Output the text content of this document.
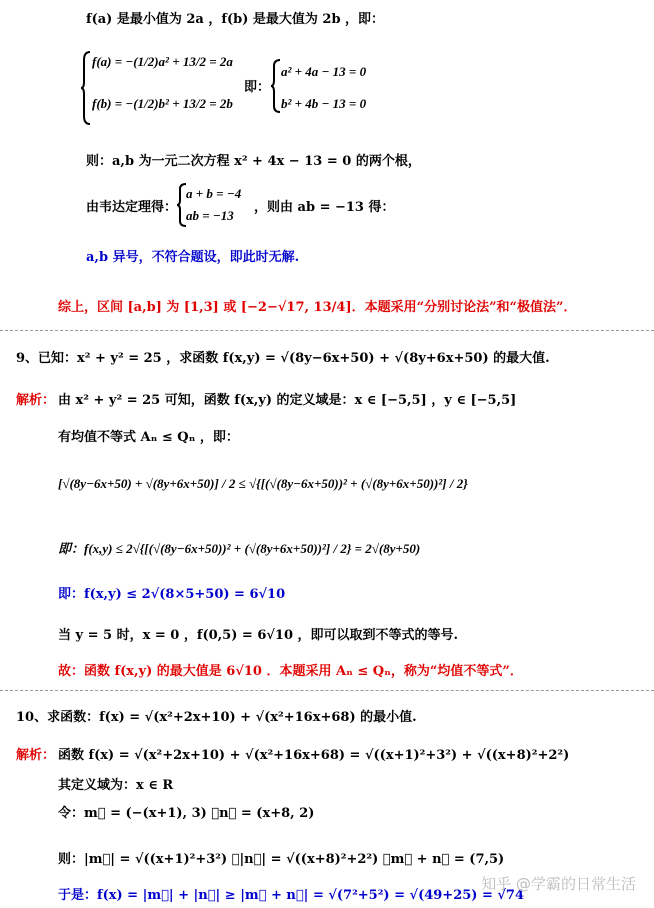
f(a) 是最小值为 2a ，f(b) 是最大值为 2b ，即：
f(a) = −(1/2)a² + 13/2 = 2a
即：
a² + 4a − 13 = 0
f(b) = −(1/2)b² + 13/2 = 2b	b² + 4b − 13 = 0
则：a,b 为一元二次方程 x² + 4x − 13 = 0 的两个根，
由韦达定理得：
a + b = −4
ab = −13
，则由 ab = −13 得：
a,b 异号，不符合题设，即此时无解.
综上，区间 [a,b] 为 [1,3] 或 [−2−√17, 13/4]．本题采用“分别讨论法”和“极值法”．
9、已知：x² + y² = 25 ，求函数 f(x,y) = √(8y−6x+50) + √(8y+6x+50) 的最大值.
解析： 由 x² + y² = 25 可知，函数 f(x,y) 的定义域是：x ∈ [−5,5] ，y ∈ [−5,5]
有均值不等式 Aₙ ≤ Qₙ ，即：
[√(8y−6x+50) + √(8y+6x+50)] / 2 ≤ √{[(√(8y−6x+50))² + (√(8y+6x+50))²] / 2}
即：f(x,y) ≤ 2√{[(√(8y−6x+50))² + (√(8y+6x+50))²] / 2} = 2√(8y+50)
即：f(x,y) ≤ 2√(8×5+50) = 6√10
当 y = 5 时，x = 0 ，f(0,5) = 6√10 ，即可以取到不等式的等号.
故：函数 f(x,y) 的最大值是 6√10 ．本题采用 Aₙ ≤ Qₙ，称为“均值不等式”．
10、求函数：f(x) = √(x²+2x+10) + √(x²+16x+68) 的最小值.
解析： 函数 f(x) = √(x²+2x+10) + √(x²+16x+68) = √((x+1)²+3²) + √((x+8)²+2²)
其定义域为：x ∈ R
令：m⃗ = (−(x+1), 3) ，n⃗ = (x+8, 2)
则：|m⃗| = √((x+1)²+3²) ，|n⃗| = √((x+8)²+2²) ，m⃗ + n⃗ = (7,5)
于是：f(x) = |m⃗| + |n⃗| ≥ |m⃗ + n⃗| = √(7²+5²) = √(49+25) = √74
知乎 @学霸的日常生活
